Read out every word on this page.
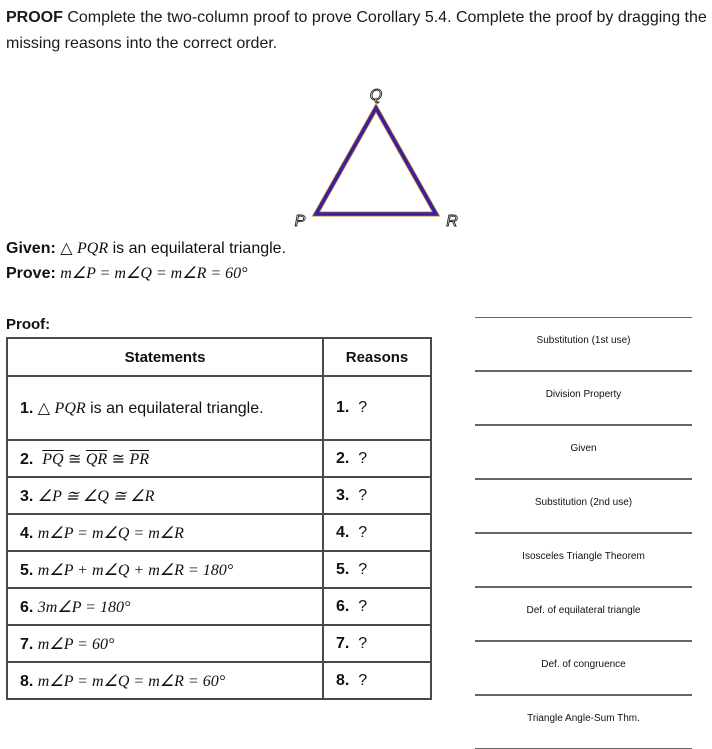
PROOF Complete the two-column proof to prove Corollary 5.4. Complete the proof by dragging the missing reasons into the correct order.
Q
P	R
Given: △ PQR is an equilateral triangle.
Prove: m∠P = m∠Q = m∠R = 60°
Proof:
Statements	Reasons
1. △ PQR is an equilateral triangle.	1. ?
2. $\overline{PQ}$ ≅ $\overline{QR}$ ≅ $\overline{PR}$	2. ?
3. ∠P ≅ ∠Q ≅ ∠R	3. ?
4. m∠P = m∠Q = m∠R	4. ?
5. m∠P + m∠Q + m∠R = 180°	5. ?
6. 3m∠P = 180°	6. ?
7. m∠P = 60°	7. ?
8. m∠P = m∠Q = m∠R = 60°	8. ?
Substitution (1st use)
Division Property
Given
Substitution (2nd use)
Isosceles Triangle Theorem
Def. of equilateral triangle
Def. of congruence
Triangle Angle-Sum Thm.
